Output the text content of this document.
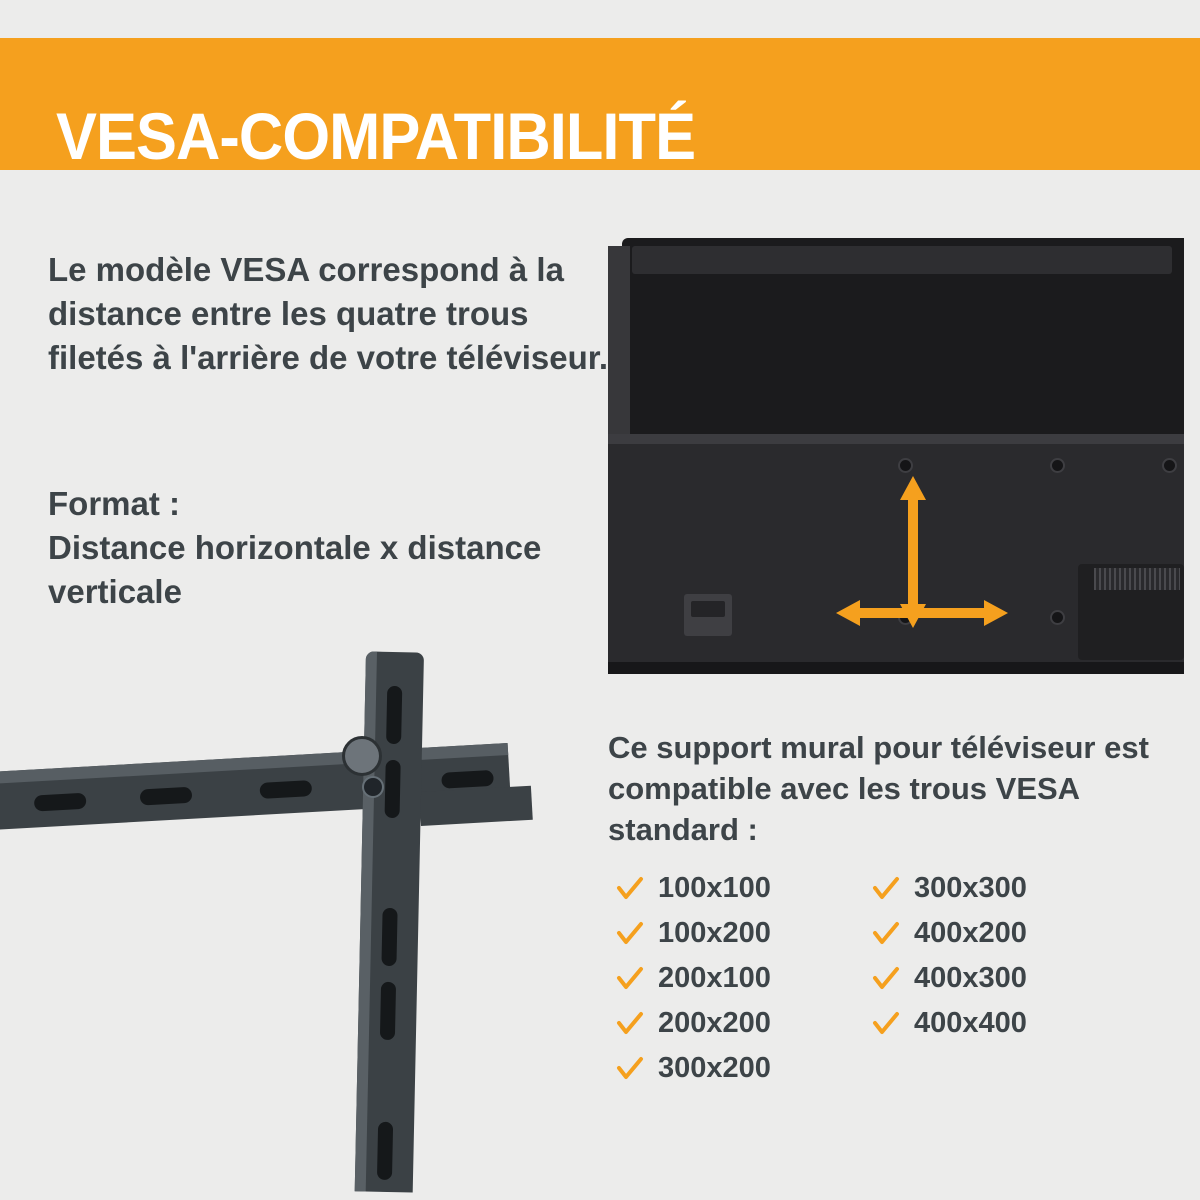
VESA-COMPATIBILITÉ
Le modèle VESA correspond à la distance entre les quatre trous filetés à l'arrière de votre téléviseur.
Format :
Distance horizontale x distance verticale
Ce support mural pour téléviseur est compatible avec les trous VESA standard :
100x100
100x200
200x100
200x200
300x200
300x300
400x200
400x300
400x400
